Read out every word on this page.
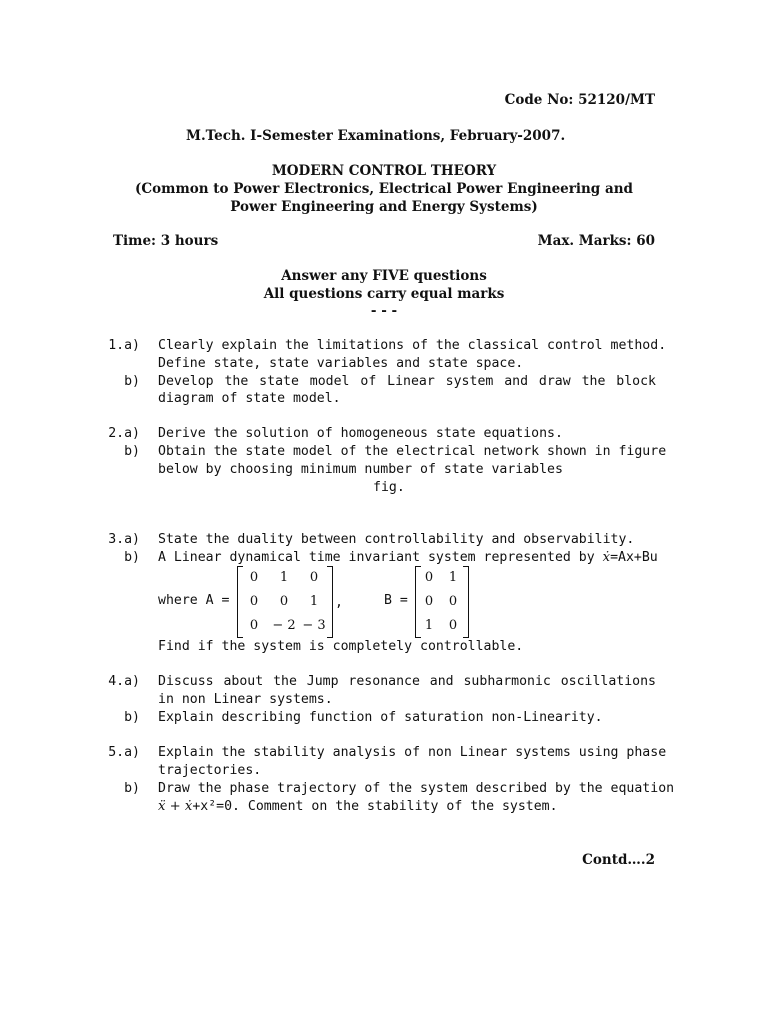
Code No: 52120/MT
M.Tech. I-Semester Examinations, February-2007.
MODERN CONTROL THEORY
(Common to Power Electronics, Electrical Power Engineering and
Power Engineering and Energy Systems)
Time: 3 hours	Max. Marks: 60
Answer any FIVE questions
All questions carry equal marks
- - -
1.a) Clearly explain the limitations of the classical control method.
Define state, state variables and state space.
b) Develop the state model of Linear system and draw the block
diagram of state model.
2.a) Derive the solution of homogeneous state equations.
b) Obtain the state model of the electrical network shown in figure
below by choosing minimum number of state variables
fig.
3.a) State the duality between controllability and observability.
b) A Linear dynamical time invariant system represented by ẋ=Ax+Bu
where A =
0	1	0
0	0	1
0	− 2 − 3
,	B =
0	1
0	0
1	0
Find if the system is completely controllable.
4.a) Discuss about the Jump resonance and subharmonic oscillations
in non Linear systems.
b) Explain describing function of saturation non-Linearity.
5.a) Explain the stability analysis of non Linear systems using phase
trajectories.
b) Draw the phase trajectory of the system described by the equation
ẍ + ẋ+x²=0. Comment on the stability of the system.
Contd….2
